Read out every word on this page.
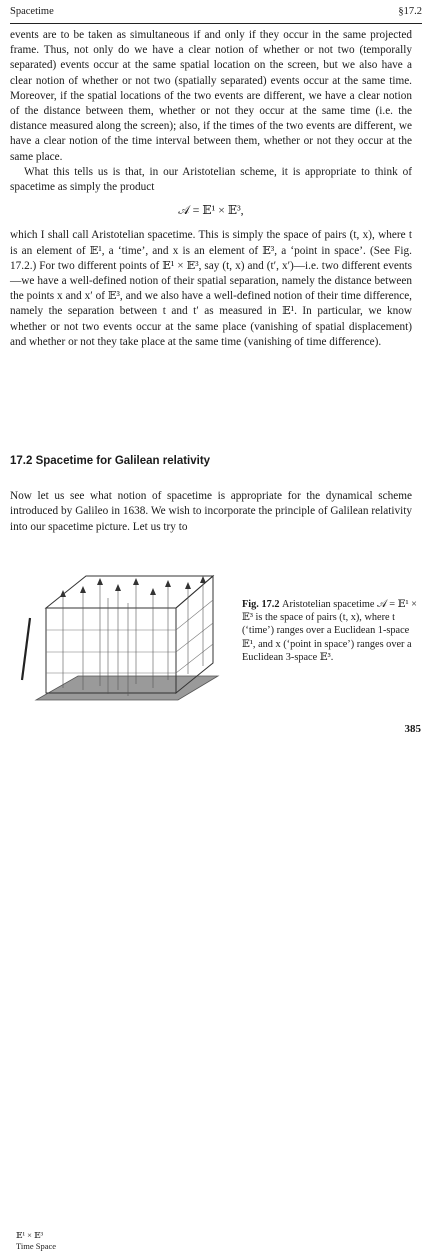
Spacetime	§17.2

events are to be taken as simultaneous if and only if they occur in the same projected frame. Thus, not only do we have a clear notion of whether or not two (temporally separated) events occur at the same spatial location on the screen, but we also have a clear notion of whether or not two (spatially separated) events occur at the same time. Moreover, if the spatial locations of the two events are different, we have a clear notion of the distance between them, whether or not they occur at the same time (i.e. the distance measured along the screen); also, if the times of the two events are different, we have a clear notion of the time interval between them, whether or not they occur at the same place.

What this tells us is that, in our Aristotelian scheme, it is appropriate to think of spacetime as simply the product

𝒜 = 𝔼¹ × 𝔼³,

which I shall call Aristotelian spacetime. This is simply the space of pairs (t, x), where t is an element of 𝔼¹, a ‘time’, and x is an element of 𝔼³, a ‘point in space’. (See Fig. 17.2.) For two different points of 𝔼¹ × 𝔼³, say (t, x) and (t′, x′)—i.e. two different events—we have a well-defined notion of their spatial separation, namely the distance between the points x and x′ of 𝔼³, and we also have a well-defined notion of their time difference, namely the separation between t and t′ as measured in 𝔼¹. In particular, we know whether or not two events occur at the same place (vanishing of spatial displacement) and whether or not they take place at the same time (vanishing of time difference).

17.2 Spacetime for Galilean relativity

Now let us see what notion of spacetime is appropriate for the dynamical scheme introduced by Galileo in 1638. We wish to incorporate the principle of Galilean relativity into our spacetime picture. Let us try to

𝔼¹ × 𝔼³
Time Space
Fig. 17.2 Aristotelian spacetime 𝒜 = 𝔼¹ × 𝔼³ is the space of pairs (t, x), where t (‘time’) ranges over a Euclidean 1-space 𝔼¹, and x (‘point in space’) ranges over a Euclidean 3-space 𝔼³.
385
